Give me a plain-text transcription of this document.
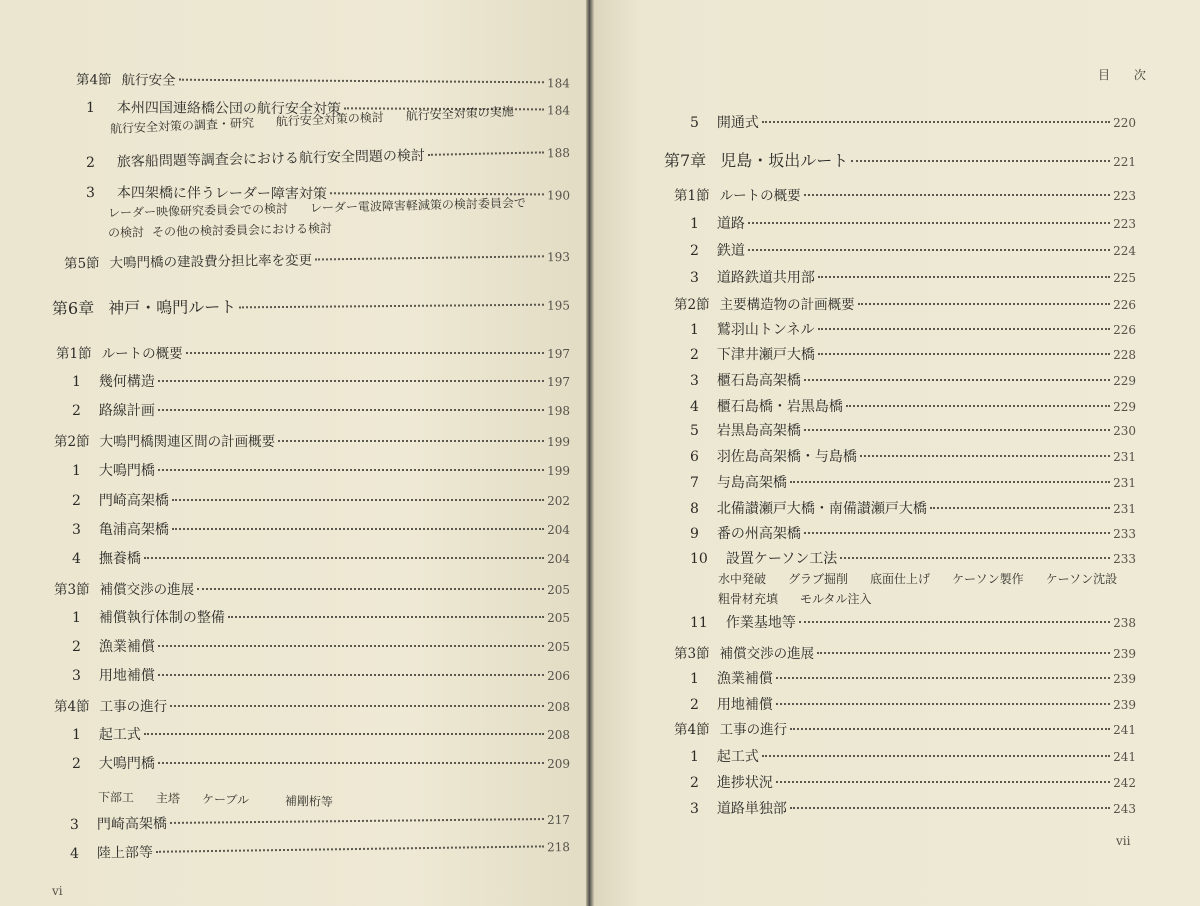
第4節 航行安全	184
1 本州四国連絡橋公団の航行安全対策	184
航行安全対策の調査・研究 航行安全対策の検討 航行安全対策の実施
2 旅客船問題等調査会における航行安全問題の検討	188
3 本四架橋に伴うレーダー障害対策	190
レーダー映像研究委員会での検討 レーダー電波障害軽減策の検討委員会で
の検討 その他の検討委員会における検討
第5節 大鳴門橋の建設費分担比率を変更	193
第6章 神戸・鳴門ルート	195
第1節 ルートの概要	197
1 幾何構造	197
2 路線計画	198
第2節 大鳴門橋関連区間の計画概要	199
1 大鳴門橋	199
2 門崎高架橋	202
3 亀浦高架橋	204
4 撫養橋	204
第3節 補償交渉の進展	205
1 補償執行体制の整備	205
2 漁業補償	205
3 用地補償	206
第4節 工事の進行	208
1 起工式	208
2 大鳴門橋	209
下部工 主塔 ケーブル	補剛桁等
3 門崎高架橋	217
4 陸上部等	218
vi
目 次
5 開通式	220
第7章 児島・坂出ルート	221
第1節 ルートの概要	223
1 道路	223
2 鉄道	224
3 道路鉄道共用部	225
第2節 主要構造物の計画概要	226
1 鷲羽山トンネル	226
2 下津井瀬戸大橋	228
3 櫃石島高架橋	229
4 櫃石島橋・岩黒島橋	229
5 岩黒島高架橋	230
6 羽佐島高架橋・与島橋	231
7 与島高架橋	231
8 北備讃瀬戸大橋・南備讃瀬戸大橋	231
9 番の州高架橋	233
10 設置ケーソン工法	233
11 作業基地等	238
第3節 補償交渉の進展	239
1 漁業補償	239
2 用地補償	239
第4節 工事の進行	241
1 起工式	241
2 進捗状況	242
3 道路単独部	243
水中発破 グラブ掘削 底面仕上げ ケーソン製作 ケーソン沈設
粗骨材充填 モルタル注入
vii
